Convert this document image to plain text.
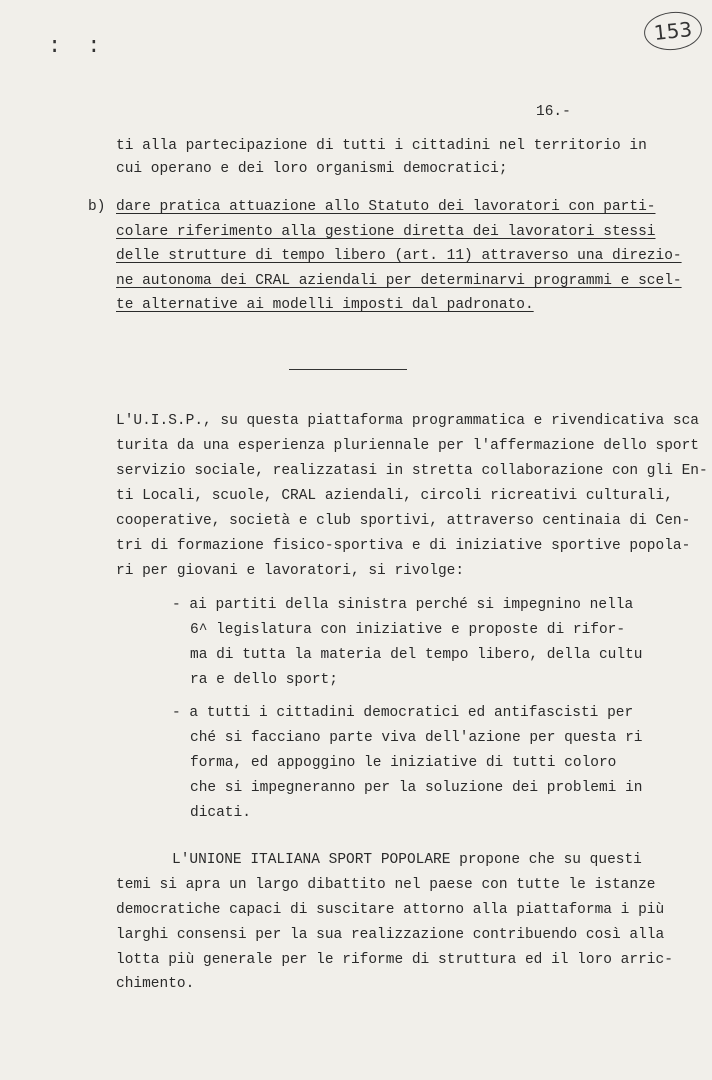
::
153
16.-
ti alla partecipazione di tutti i cittadini nel territorio in
cui operano e dei loro organismi democratici;
b) dare pratica attuazione allo Statuto dei lavoratori con parti-
colare riferimento alla gestione diretta dei lavoratori stessi
delle strutture di tempo libero (art. 11) attraverso una direzio-
ne autonoma dei CRAL aziendali per determinarvi programmi e scel-
te alternative ai modelli imposti dal padronato.
L'U.I.S.P., su questa piattaforma programmatica e rivendicativa sca
turita da una esperienza pluriennale per l'affermazione dello sport
servizio sociale, realizzatasi in stretta collaborazione con gli En-
ti Locali, scuole, CRAL aziendali, circoli ricreativi culturali,
cooperative, società e club sportivi, attraverso centinaia di Cen-
tri di formazione fisico-sportiva e di iniziative sportive popola-
ri per giovani e lavoratori, si rivolge:
- ai partiti della sinistra perché si impegnino nella
6^ legislatura con iniziative e proposte di rifor-
ma di tutta la materia del tempo libero, della cultu
ra e dello sport;
- a tutti i cittadini democratici ed antifascisti per
ché si facciano parte viva dell'azione per questa ri
forma, ed appoggino le iniziative di tutti coloro
che si impegneranno per la soluzione dei problemi in
dicati.
L'UNIONE ITALIANA SPORT POPOLARE propone che su questi
temi si apra un largo dibattito nel paese con tutte le istanze
democratiche capaci di suscitare attorno alla piattaforma i più
larghi consensi per la sua realizzazione contribuendo così alla
lotta più generale per le riforme di struttura ed il loro arric-
chimento.
